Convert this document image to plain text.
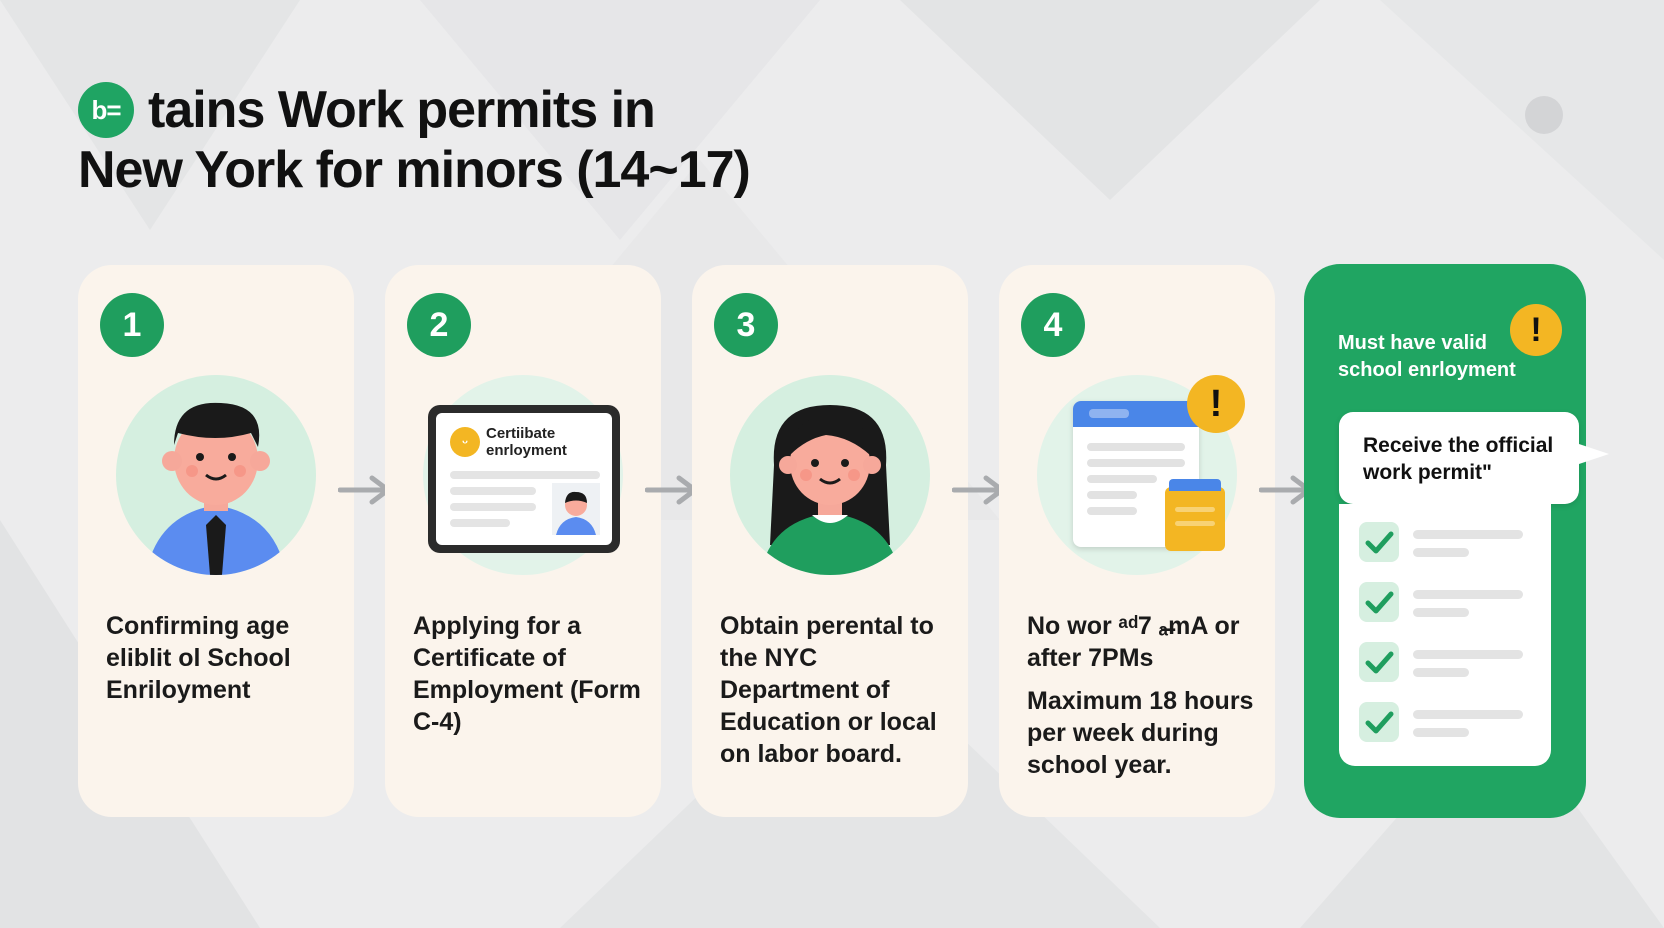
b= tains Work permits in
New York for minors (14~17)
1
Confirming age eliblit ol School Enriloyment
2
ᵕ	Certiibate enrloyment
Applying for a Certificate of Employment (Form C-4)
3
Obtain perental to the NYC Department of Education or local on labor board.
4
!
No wor ᵃᵈ7 ₐ̶mA or after 7PMs
Maximum 18 hours per week during school year.
Must have valid school enrloyment
!
Receive the official work permit"
